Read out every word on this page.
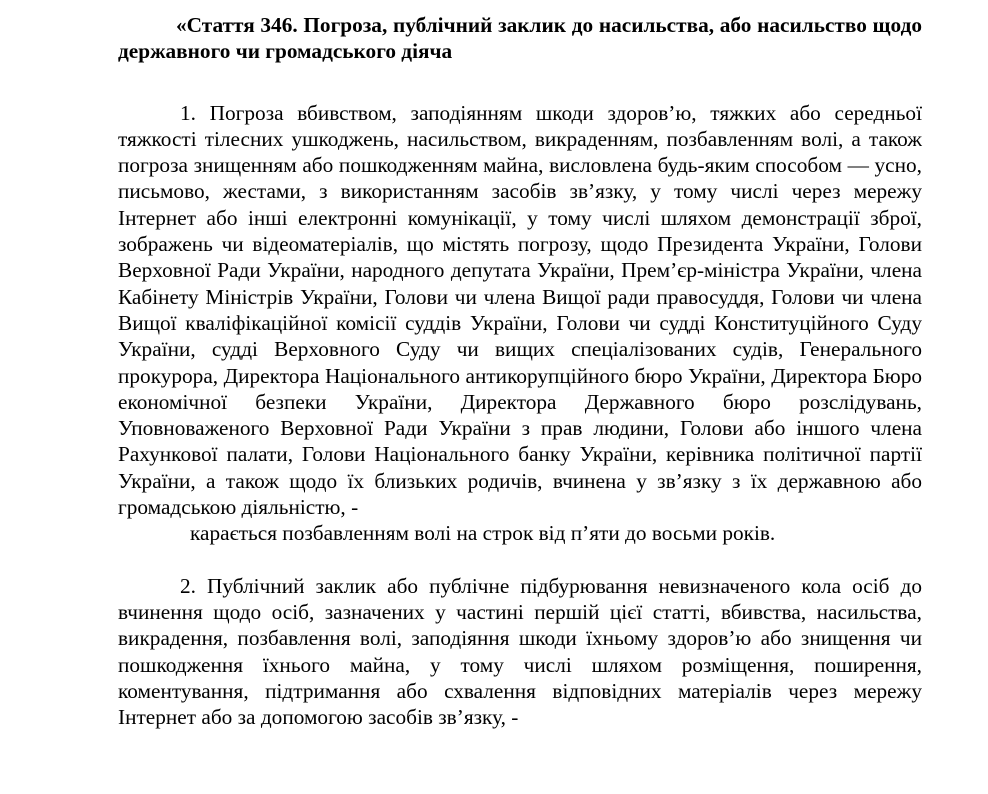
«Стаття 346. Погроза, публічний заклик до насильства, або насильство щодо державного чи громадського діяча

1. Погроза вбивством, заподіянням шкоди здоров’ю, тяжких або середньої тяжкості тілесних ушкоджень, насильством, викраденням, позбавленням волі, а також погроза знищенням або пошкодженням майна, висловлена будь-яким способом — усно, письмово, жестами, з використанням засобів зв’язку, у тому числі через мережу Інтернет або інші електронні комунікації, у тому числі шляхом демонстрації зброї, зображень чи відеоматеріалів, що містять погрозу, щодо Президента України, Голови Верховної Ради України, народного депутата України, Прем’єр-міністра України, члена Кабінету Міністрів України, Голови чи члена Вищої ради правосуддя, Голови чи члена Вищої кваліфікаційної комісії суддів України, Голови чи судді Конституційного Суду України, судді Верховного Суду чи вищих спеціалізованих судів, Генерального прокурора, Директора Національного антикорупційного бюро України, Директора Бюро економічної безпеки України, Директора Державного бюро розслідувань, Уповноваженого Верховної Ради України з прав людини, Голови або іншого члена Рахункової палати, Голови Національного банку України, керівника політичної партії України, а також щодо їх близьких родичів, вчинена у зв’язку з їх державною або громадською діяльністю, -

карається позбавленням волі на строк від п’яти до восьми років.

2. Публічний заклик або публічне підбурювання невизначеного кола осіб до вчинення щодо осіб, зазначених у частині першій цієї статті, вбивства, насильства, викрадення, позбавлення волі, заподіяння шкоди їхньому здоров’ю або знищення чи пошкодження їхнього майна, у тому числі шляхом розміщення, поширення, коментування, підтримання або схвалення відповідних матеріалів через мережу Інтернет або за допомогою засобів зв’язку, -
